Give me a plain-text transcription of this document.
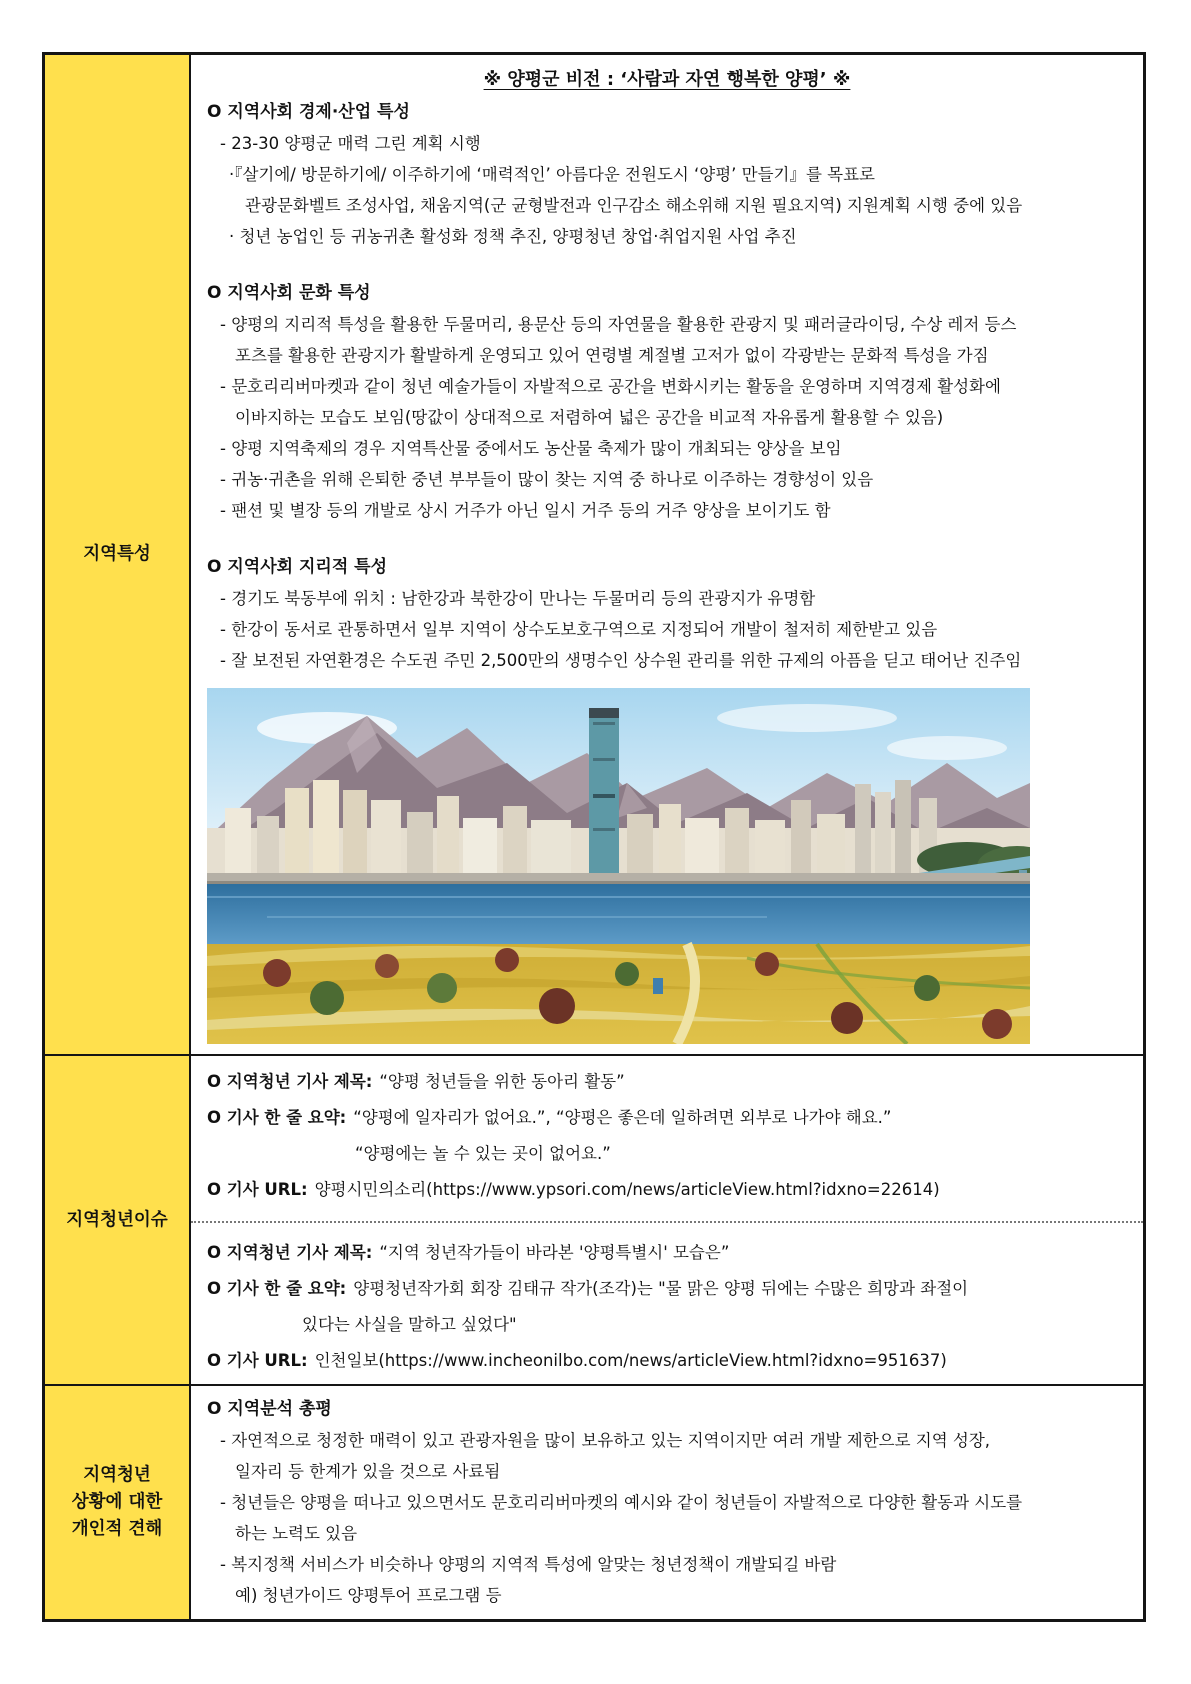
지역특성
※ 양평군 비전 : ‘사람과 자연 행복한 양평’ ※
O 지역사회 경제·산업 특성
- 23-30 양평군 매력 그린 계획 시행
·『살기에/ 방문하기에/ 이주하기에 ‘매력적인’ 아름다운 전원도시 ‘양평’ 만들기』를 목표로
관광문화벨트 조성사업, 채움지역(군 균형발전과 인구감소 해소위해 지원 필요지역) 지원계획 시행 중에 있음
· 청년 농업인 등 귀농귀촌 활성화 정책 추진, 양평청년 창업·취업지원 사업 추진
O 지역사회 문화 특성
- 양평의 지리적 특성을 활용한 두물머리, 용문산 등의 자연물을 활용한 관광지 및 패러글라이딩, 수상 레저 등스
포츠를 활용한 관광지가 활발하게 운영되고 있어 연령별 계절별 고저가 없이 각광받는 문화적 특성을 가짐
- 문호리리버마켓과 같이 청년 예술가들이 자발적으로 공간을 변화시키는 활동을 운영하며 지역경제 활성화에
이바지하는 모습도 보임(땅값이 상대적으로 저렴하여 넓은 공간을 비교적 자유롭게 활용할 수 있음)
- 양평 지역축제의 경우 지역특산물 중에서도 농산물 축제가 많이 개최되는 양상을 보임
- 귀농·귀촌을 위해 은퇴한 중년 부부들이 많이 찾는 지역 중 하나로 이주하는 경향성이 있음
- 팬션 및 별장 등의 개발로 상시 거주가 아닌 일시 거주 등의 거주 양상을 보이기도 함
O 지역사회 지리적 특성
- 경기도 북동부에 위치 : 남한강과 북한강이 만나는 두물머리 등의 관광지가 유명함
- 한강이 동서로 관통하면서 일부 지역이 상수도보호구역으로 지정되어 개발이 철저히 제한받고 있음
- 잘 보전된 자연환경은 수도권 주민 2,500만의 생명수인 상수원 관리를 위한 규제의 아픔을 딛고 태어난 진주임
지역청년이슈
O 지역청년 기사 제목: “양평 청년들을 위한 동아리 활동”
O 기사 한 줄 요약: “양평에 일자리가 없어요.”, “양평은 좋은데 일하려면 외부로 나가야 해요.”
“양평에는 놀 수 있는 곳이 없어요.”
O 기사 URL: 양평시민의소리(https://www.ypsori.com/news/articleView.html?idxno=22614)
O 지역청년 기사 제목: “지역 청년작가들이 바라본 '양평특별시' 모습은”
O 기사 한 줄 요약: 양평청년작가회 회장 김태규 작가(조각)는 "물 맑은 양평 뒤에는 수많은 희망과 좌절이
있다는 사실을 말하고 싶었다"
O 기사 URL: 인천일보(https://www.incheonilbo.com/news/articleView.html?idxno=951637)
지역청년
상황에 대한
개인적 견해
O 지역분석 총평
- 자연적으로 청정한 매력이 있고 관광자원을 많이 보유하고 있는 지역이지만 여러 개발 제한으로 지역 성장,
일자리 등 한계가 있을 것으로 사료됨
- 청년들은 양평을 떠나고 있으면서도 문호리리버마켓의 예시와 같이 청년들이 자발적으로 다양한 활동과 시도를
하는 노력도 있음
- 복지정책 서비스가 비슷하나 양평의 지역적 특성에 알맞는 청년정책이 개발되길 바람
예) 청년가이드 양평투어 프로그램 등
